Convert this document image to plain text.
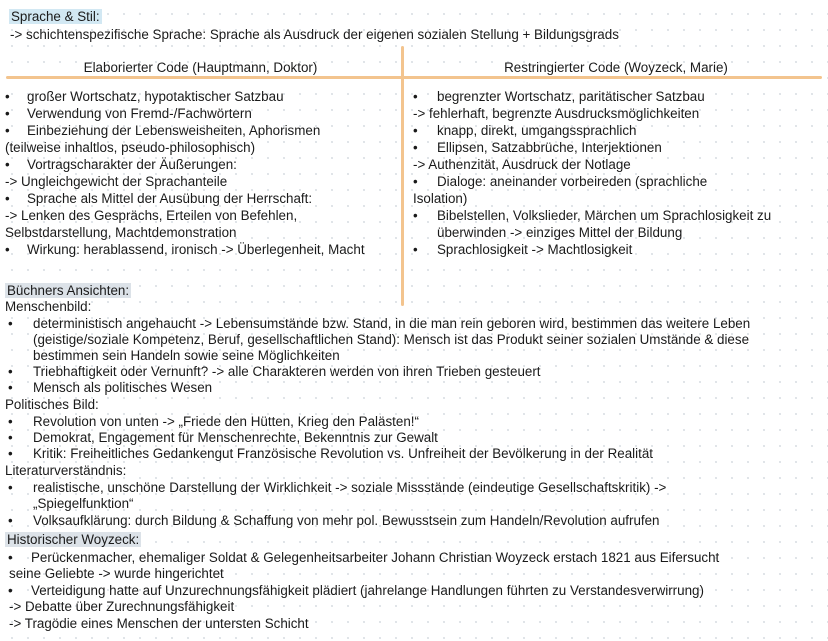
Sprache & Stil:
-> schichtenspezifische Sprache: Sprache als Ausdruck der eigenen sozialen Stellung + Bildungsgrads
Elaborierter Code (Hauptmann, Doktor)	Restringierter Code (Woyzeck, Marie)
• großer Wortschatz, hypotaktischer Satzbau
• Verwendung von Fremd-/Fachwörtern
• Einbeziehung der Lebensweisheiten, Aphorismen
(teilweise inhaltlos, pseudo-philosophisch)
• Vortragscharakter der Äußerungen:
-> Ungleichgewicht der Sprachanteile
• Sprache als Mittel der Ausübung der Herrschaft:
-> Lenken des Gesprächs, Erteilen von Befehlen,
Selbstdarstellung, Machtdemonstration
• Wirkung: herablassend, ironisch -> Überlegenheit, Macht
• begrenzter Wortschatz, paritätischer Satzbau
-> fehlerhaft, begrenzte Ausdrucksmöglichkeiten
• knapp, direkt, umgangssprachlich
• Ellipsen, Satzabbrüche, Interjektionen
-> Authenzität, Ausdruck der Notlage
• Dialoge: aneinander vorbeireden (sprachliche
Isolation)
• Bibelstellen, Volkslieder, Märchen um Sprachlosigkeit zu
überwinden -> einziges Mittel der Bildung
• Sprachlosigkeit -> Machtlosigkeit
Büchners Ansichten:
Menschenbild:
• deterministisch angehaucht -> Lebensumstände bzw. Stand, in die man rein geboren wird, bestimmen das weitere Leben
(geistige/soziale Kompetenz, Beruf, gesellschaftlichen Stand): Mensch ist das Produkt seiner sozialen Umstände & diese
bestimmen sein Handeln sowie seine Möglichkeiten
• Triebhaftigkeit oder Vernunft? -> alle Charakteren werden von ihren Trieben gesteuert
• Mensch als politisches Wesen
Politisches Bild:
• Revolution von unten -> „Friede den Hütten, Krieg den Palästen!“
• Demokrat, Engagement für Menschenrechte, Bekenntnis zur Gewalt
• Kritik: Freiheitliches Gedankengut Französische Revolution vs. Unfreiheit der Bevölkerung in der Realität
Literaturverständnis:
• realistische, unschöne Darstellung der Wirklichkeit -> soziale Missstände (eindeutige Gesellschaftskritik) ->
„Spiegelfunktion“
• Volksaufklärung: durch Bildung & Schaffung von mehr pol. Bewusstsein zum Handeln/Revolution aufrufen
Historischer Woyzeck:
• Perückenmacher, ehemaliger Soldat & Gelegenheitsarbeiter Johann Christian Woyzeck erstach 1821 aus Eifersucht
seine Geliebte -> wurde hingerichtet
• Verteidigung hatte auf Unzurechnungsfähigkeit plädiert (jahrelange Handlungen führten zu Verstandesverwirrung)
-> Debatte über Zurechnungsfähigkeit
-> Tragödie eines Menschen der untersten Schicht
